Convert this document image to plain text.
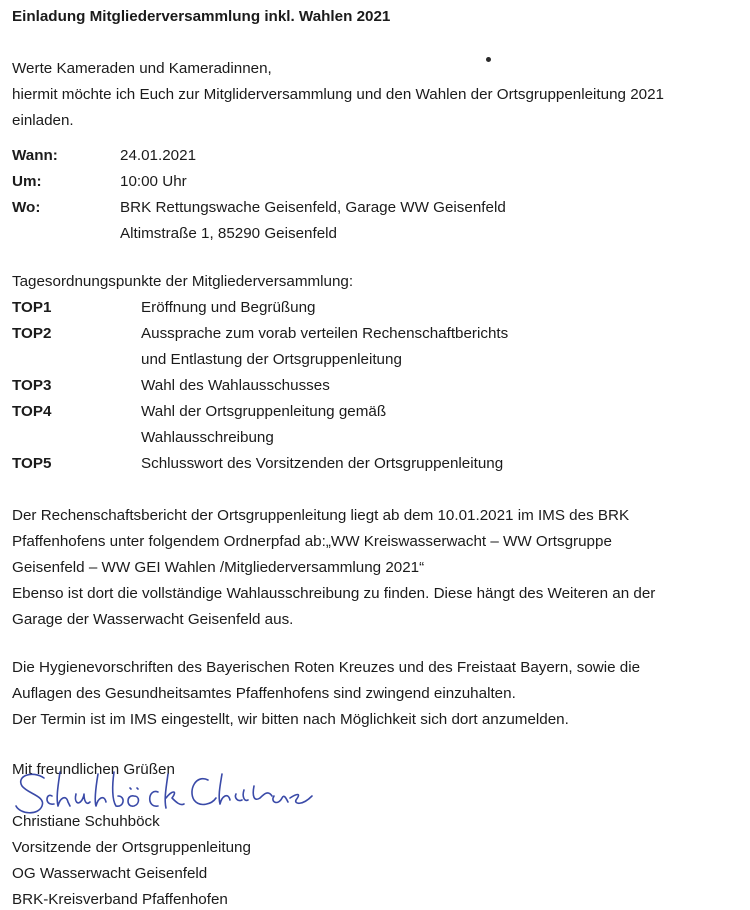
Einladung Mitgliederversammlung inkl. Wahlen 2021
Werte Kameraden und Kameradinnen,
hiermit möchte ich Euch zur Mitgliderversammlung und den Wahlen der Ortsgruppenleitung 2021
einladen.
Wann:	24.01.2021
Um:	10:00 Uhr
Wo:	BRK Rettungswache Geisenfeld, Garage WW Geisenfeld
Altimstraße 1, 85290 Geisenfeld
Tagesordnungspunkte der Mitgliederversammlung:
TOP1	Eröffnung und Begrüßung
TOP2	Aussprache zum vorab verteilen Rechenschaftberichts
und Entlastung der Ortsgruppenleitung
TOP3	Wahl des Wahlausschusses
TOP4	Wahl der Ortsgruppenleitung gemäß
Wahlausschreibung
TOP5	Schlusswort des Vorsitzenden der Ortsgruppenleitung
Der Rechenschaftsbericht der Ortsgruppenleitung liegt ab dem 10.01.2021 im IMS des BRK
Pfaffenhofens unter folgendem Ordnerpfad ab:„WW Kreiswasserwacht – WW Ortsgruppe
Geisenfeld – WW GEI Wahlen /Mitgliederversammlung 2021“
Ebenso ist dort die vollständige Wahlausschreibung zu finden. Diese hängt des Weiteren an der
Garage der Wasserwacht Geisenfeld aus.
Die Hygienevorschriften des Bayerischen Roten Kreuzes und des Freistaat Bayern, sowie die
Auflagen des Gesundheitsamtes Pfaffenhofens sind zwingend einzuhalten.
Der Termin ist im IMS eingestellt, wir bitten nach Möglichkeit sich dort anzumelden.
Mit freundlichen Grüßen
Christiane Schuhböck
Vorsitzende der Ortsgruppenleitung
OG Wasserwacht Geisenfeld
BRK-Kreisverband Pfaffenhofen
